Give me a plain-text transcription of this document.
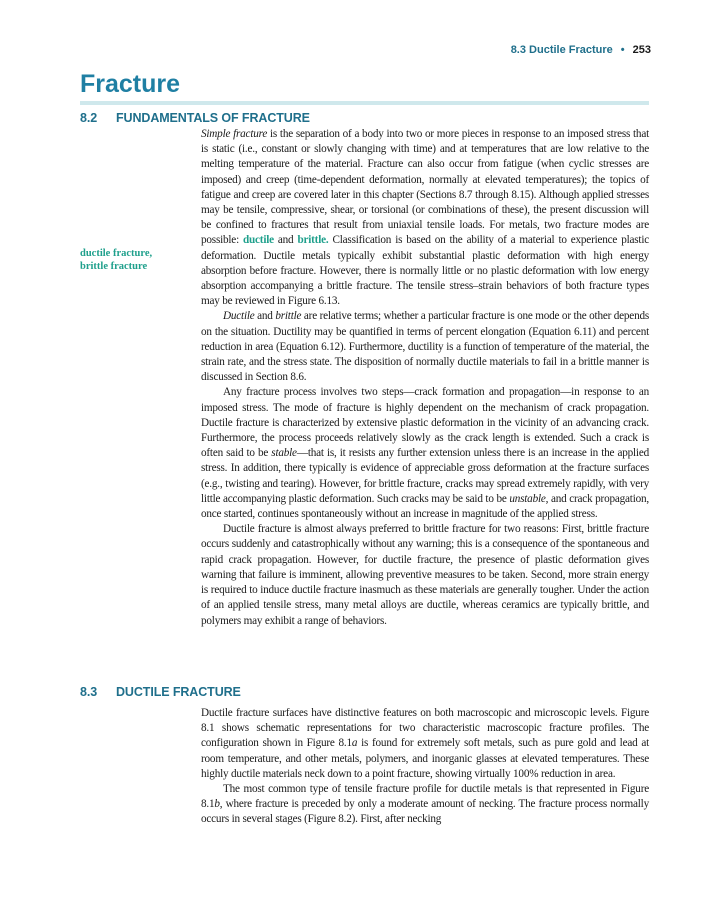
8.3 Ductile Fracture • 253
Fracture
8.2 FUNDAMENTALS OF FRACTURE
ductile fracture,
brittle fracture

Simple fracture is the separation of a body into two or more pieces in response to an imposed stress that is static (i.e., constant or slowly changing with time) and at temperatures that are low relative to the melting temperature of the material. Fracture can also occur from fatigue (when cyclic stresses are imposed) and creep (time-dependent deformation, normally at elevated temperatures); the topics of fatigue and creep are covered later in this chapter (Sections 8.7 through 8.15). Although applied stresses may be tensile, compressive, shear, or torsional (or combinations of these), the present discussion will be confined to fractures that result from uniaxial tensile loads. For metals, two fracture modes are possible: ductile and brittle. Classification is based on the ability of a material to experience plastic deformation. Ductile metals typically exhibit substantial plastic deformation with high energy absorption before fracture. However, there is normally little or no plastic deformation with low energy absorption accompanying a brittle fracture. The tensile stress–strain behaviors of both fracture types may be reviewed in Figure 6.13.

Ductile and brittle are relative terms; whether a particular fracture is one mode or the other depends on the situation. Ductility may be quantified in terms of percent elongation (Equation 6.11) and percent reduction in area (Equation 6.12). Furthermore, ductility is a function of temperature of the material, the strain rate, and the stress state. The disposition of normally ductile materials to fail in a brittle manner is discussed in Section 8.6.

Any fracture process involves two steps—crack formation and propagation—in response to an imposed stress. The mode of fracture is highly dependent on the mechanism of crack propagation. Ductile fracture is characterized by extensive plastic deformation in the vicinity of an advancing crack. Furthermore, the process proceeds relatively slowly as the crack length is extended. Such a crack is often said to be stable—that is, it resists any further extension unless there is an increase in the applied stress. In addition, there typically is evidence of appreciable gross deformation at the fracture surfaces (e.g., twisting and tearing). However, for brittle fracture, cracks may spread extremely rapidly, with very little accompanying plastic deformation. Such cracks may be said to be unstable, and crack propagation, once started, continues spontaneously without an increase in magnitude of the applied stress.

Ductile fracture is almost always preferred to brittle fracture for two reasons: First, brittle fracture occurs suddenly and catastrophically without any warning; this is a consequence of the spontaneous and rapid crack propagation. However, for ductile fracture, the presence of plastic deformation gives warning that failure is imminent, allowing preventive measures to be taken. Second, more strain energy is required to induce ductile fracture inasmuch as these materials are generally tougher. Under the action of an applied tensile stress, many metal alloys are ductile, whereas ceramics are typically brittle, and polymers may exhibit a range of behaviors.

8.3 DUCTILE FRACTURE

Ductile fracture surfaces have distinctive features on both macroscopic and microscopic levels. Figure 8.1 shows schematic representations for two characteristic macroscopic fracture profiles. The configuration shown in Figure 8.1a is found for extremely soft metals, such as pure gold and lead at room temperature, and other metals, polymers, and inorganic glasses at elevated temperatures. These highly ductile materials neck down to a point fracture, showing virtually 100% reduction in area.

The most common type of tensile fracture profile for ductile metals is that represented in Figure 8.1b, where fracture is preceded by only a moderate amount of necking. The fracture process normally occurs in several stages (Figure 8.2). First, after necking
